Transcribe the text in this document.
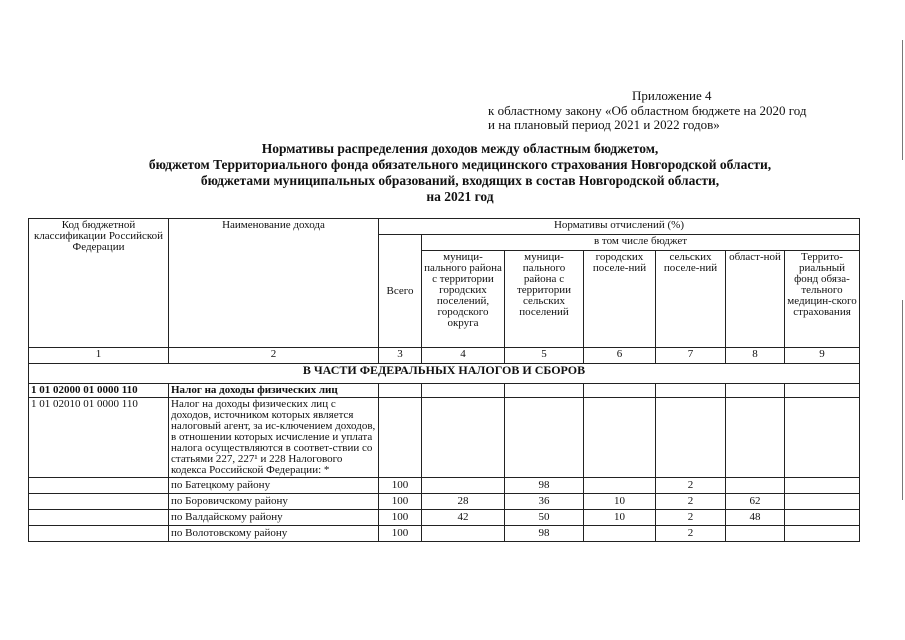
Приложение 4
к областному закону «Об областном бюджете на 2020 год
и на плановый период 2021 и 2022 годов»
Нормативы распределения доходов между областным бюджетом,
бюджетом Территориального фонда обязательного медицинского страхования Новгородской области,
бюджетами муниципальных образований, входящих в состав Новгородской области,
на 2021 год
Код бюджетной классификации Российской Федерации	Наименование дохода	Нормативы отчислений (%)						
		Всего	в том числе бюджет					
			муници-пального района с территории городских поселений, городского округа	муници-пального района с территории сельских поселений	городских поселе-ний	сельских поселе-ний	област-ной	Террито-риальный фонд обяза-тельного медицин-ского страхования
1	2	3	4	5	6	7	8	9
В ЧАСТИ ФЕДЕРАЛЬНЫХ НАЛОГОВ И СБОРОВ								
1 01 02000 01 0000 110	Налог на доходы физических лиц							
1 01 02010 01 0000 110	Налог на доходы физических лиц с доходов, источником которых является налоговый агент, за ис-ключением доходов, в отношении которых исчисление и уплата налога осуществляются в соответ-ствии со статьями 227, 227¹ и 228 Налогового кодекса Российской Федерации: *							
	по Батецкому району	100		98		2		
	по Боровичскому району	100	28	36	10	2	62	
	по Валдайскому району	100	42	50	10	2	48	
	по Волотовскому району	100		98		2		
